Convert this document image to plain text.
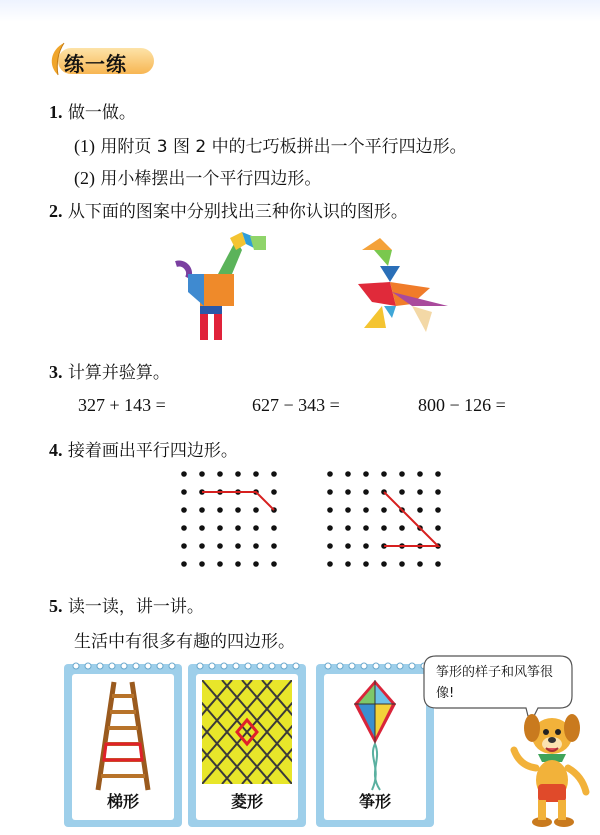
练一练
1. 做一做。
(1) 用附页 3 图 2 中的七巧板拼出一个平行四边形。
(2) 用小棒摆出一个平行四边形。
2. 从下面的图案中分别找出三种你认识的图形。
3. 计算并验算。
327 + 143 =	627 − 343 =	800 − 126 =
4. 接着画出平行四边形。
5. 读一读，讲一讲。
生活中有很多有趣的四边形。
梯形	菱形	筝形
筝形的样子和风筝很像!
